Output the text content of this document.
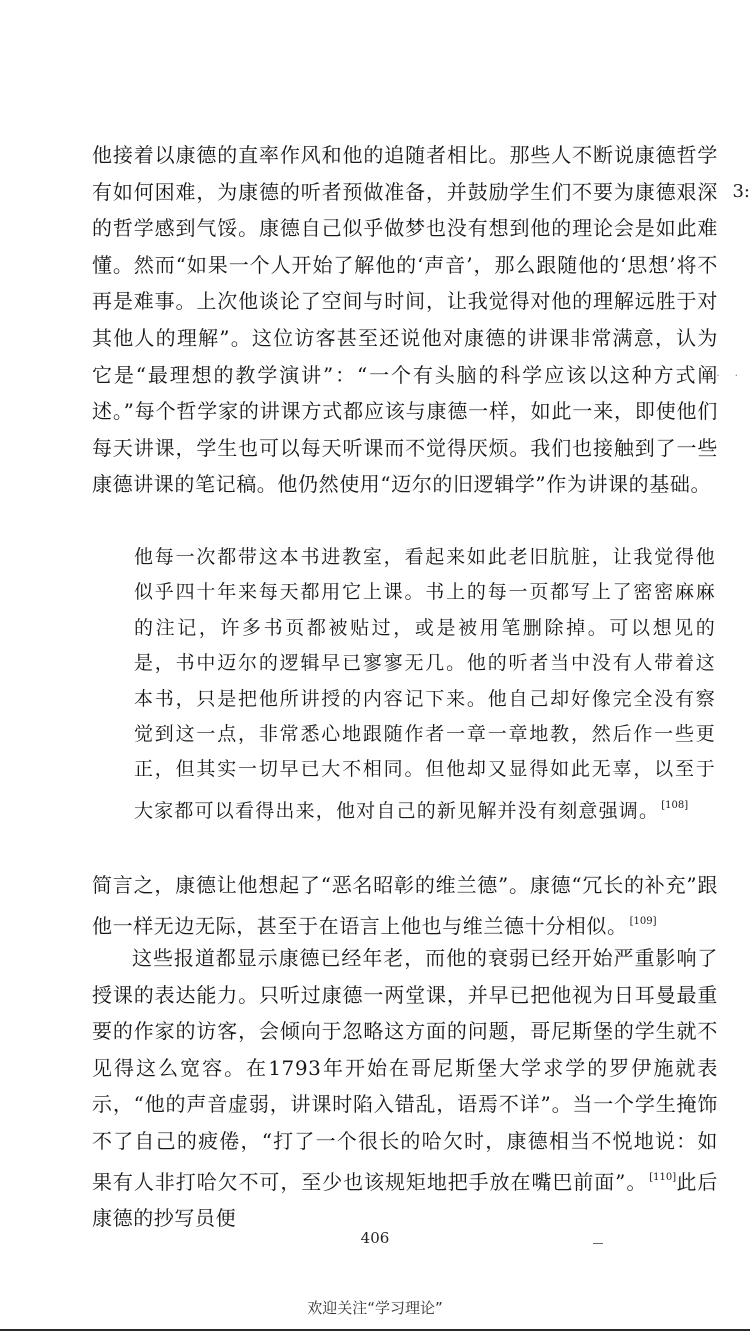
3:
· ·

他接着以康德的直率作风和他的追随者相比。那些人不断说康德哲学有如何困难，为康德的听者预做准备，并鼓励学生们不要为康德艰深的哲学感到气馁。康德自己似乎做梦也没有想到他的理论会是如此难懂。然而“如果一个人开始了解他的‘声音’，那么跟随他的‘思想’将不再是难事。上次他谈论了空间与时间，让我觉得对他的理解远胜于对其他人的理解”。这位访客甚至还说他对康德的讲课非常满意，认为它是“最理想的教学演讲”：“一个有头脑的科学应该以这种方式阐述。”每个哲学家的讲课方式都应该与康德一样，如此一来，即使他们每天讲课，学生也可以每天听课而不觉得厌烦。我们也接触到了一些康德讲课的笔记稿。他仍然使用“迈尔的旧逻辑学”作为讲课的基础。

他每一次都带这本书进教室，看起来如此老旧肮脏，让我觉得他似乎四十年来每天都用它上课。书上的每一页都写上了密密麻麻的注记，许多书页都被贴过，或是被用笔删除掉。可以想见的是，书中迈尔的逻辑早已寥寥无几。他的听者当中没有人带着这本书，只是把他所讲授的内容记下来。他自己却好像完全没有察觉到这一点，非常悉心地跟随作者一章一章地教，然后作一些更正，但其实一切早已大不相同。但他却又显得如此无辜，以至于大家都可以看得出来，他对自己的新见解并没有刻意强调。 [108]

简言之，康德让他想起了“恶名昭彰的维兰德”。康德“冗长的补充”跟他一样无边无际，甚至于在语言上他也与维兰德十分相似。 [109]

这些报道都显示康德已经年老，而他的衰弱已经开始严重影响了授课的表达能力。只听过康德一两堂课，并早已把他视为日耳曼最重要的作家的访客，会倾向于忽略这方面的问题，哥尼斯堡的学生就不见得这么宽容。在1793年开始在哥尼斯堡大学求学的罗伊施就表示，“他的声音虚弱，讲课时陷入错乱，语焉不详”。当一个学生掩饰不了自己的疲倦，“打了一个很长的哈欠时，康德相当不悦地说：如果有人非打哈欠不可，至少也该规矩地把手放在嘴巴前面”。 [110]此后康德的抄写员便

406
欢迎关注“学习理论”
